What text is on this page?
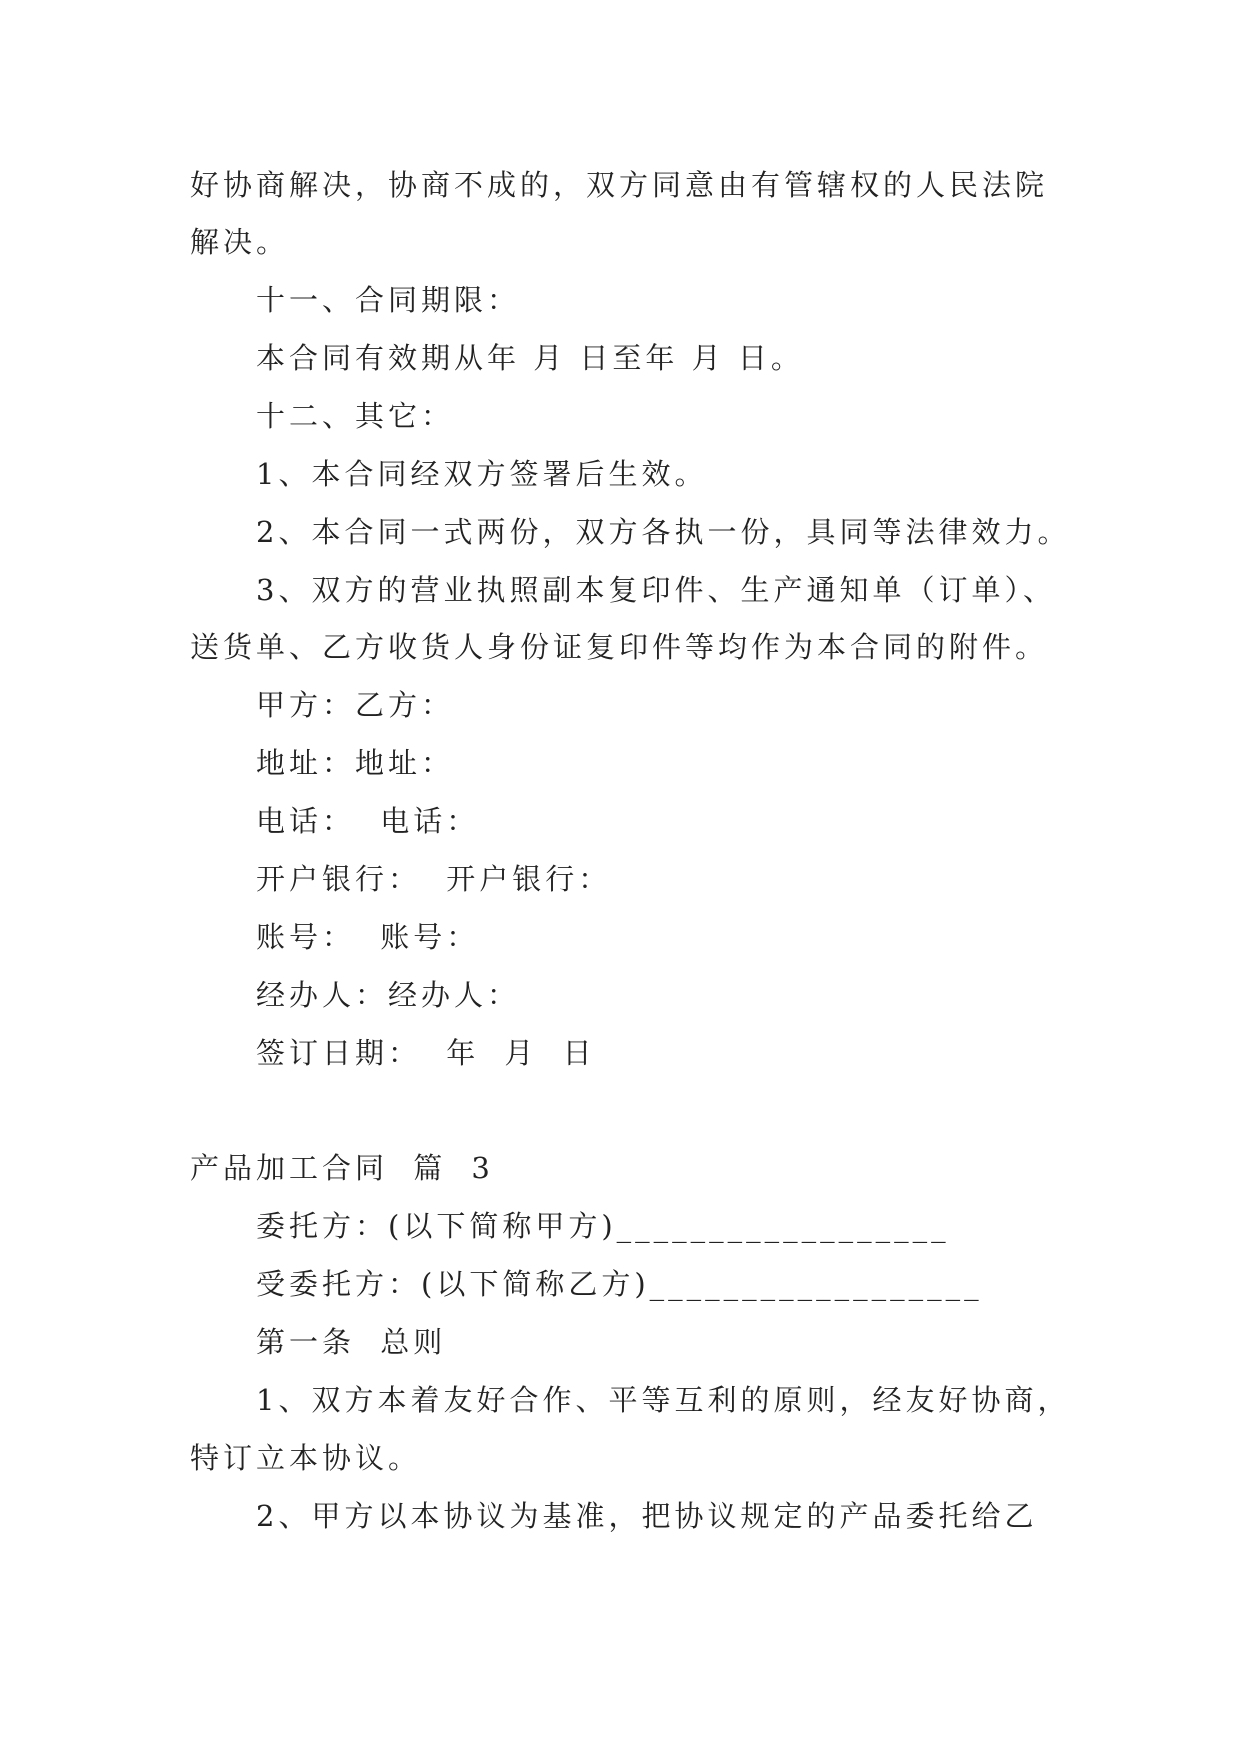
好协商解决，协商不成的，双方同意由有管辖权的人民法院
解决。
十一、合同期限：
本合同有效期从年 月 日至年 月 日。
十二、其它：
1、本合同经双方签署后生效。
2、本合同一式两份，双方各执一份，具同等法律效力。
3、双方的营业执照副本复印件、生产通知单（订单）、
送货单、乙方收货人身份证复印件等均作为本合同的附件。
甲方：乙方：
地址：地址：
电话： 电话：
开户银行： 开户银行：
账号： 账号：
经办人：经办人：
签订日期： 年 月 日
产品加工合同 篇 3
委托方：(以下简称甲方)__________________
受委托方：(以下简称乙方)__________________
第一条 总则
1、双方本着友好合作、平等互利的原则，经友好协商，
特订立本协议。
2、甲方以本协议为基准，把协议规定的产品委托给乙
